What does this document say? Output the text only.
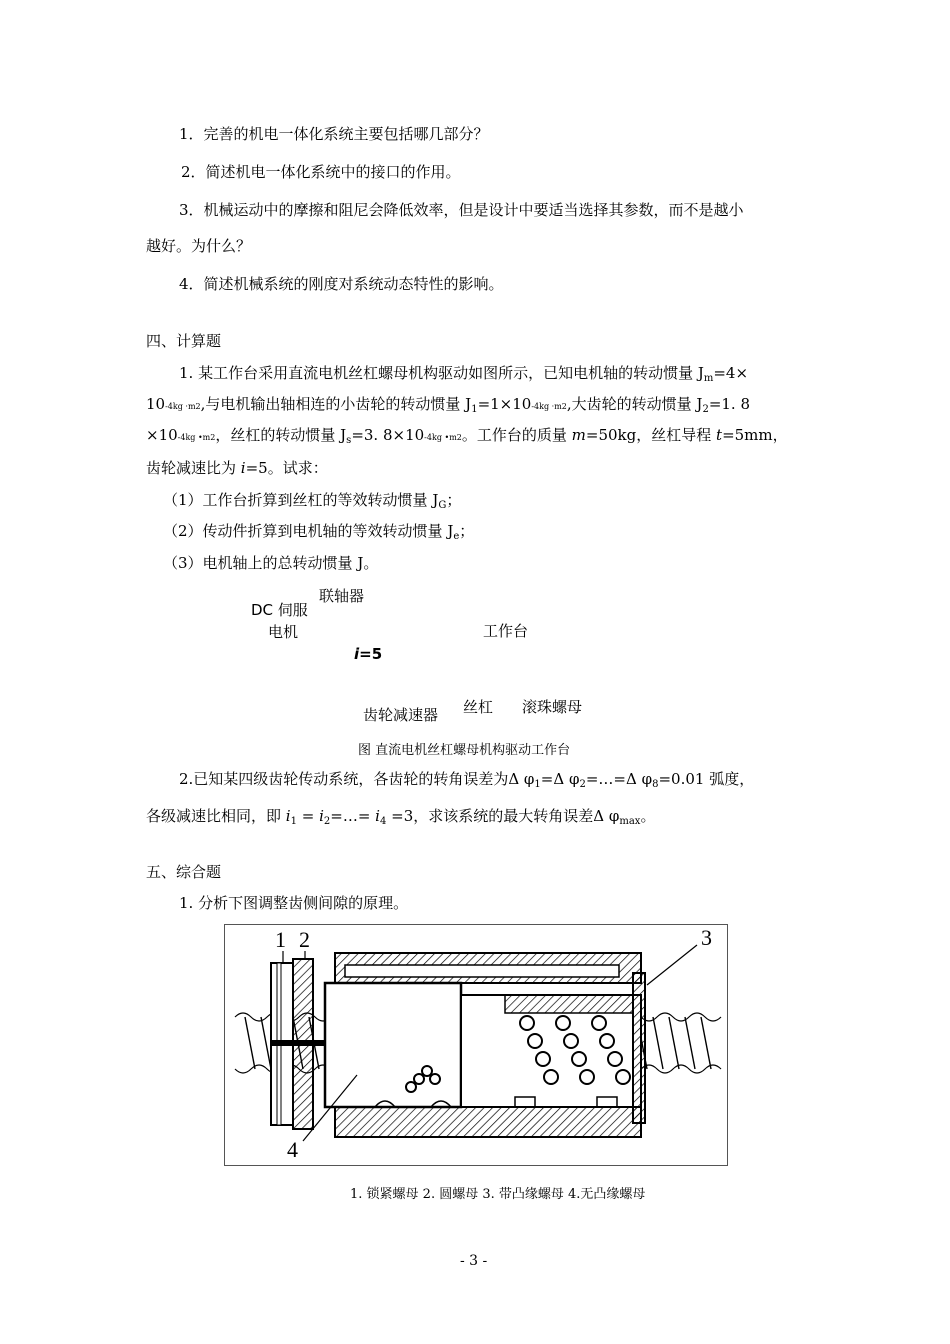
1．完善的机电一体化系统主要包括哪几部分？
2．简述机电一体化系统中的接口的作用。
3．机械运动中的摩擦和阻尼会降低效率，但是设计中要适当选择其参数，而不是越小
越好。为什么？
4．简述机械系统的刚度对系统动态特性的影响。
四、计算题
1. 某工作台采用直流电机丝杠螺母机构驱动如图所示，已知电机轴的转动惯量 $J_m=4\times$
10-4kg ·m2,与电机输出轴相连的小齿轮的转动惯量 $J_1=1\times 10-4kg \cdot m2$,大齿轮的转动惯量 $J_2=1$. 8
×10-4kg •m2，丝杠的转动惯量 $J_s=3$. 8×10-4kg •m2。工作台的质量 m=50kg，丝杠导程 t=5mm，
齿轮减速比为 i=5。试求：
（1）工作台折算到丝杠的等效转动惯量 $J_G$；
（2）传动件折算到电机轴的等效转动惯量 $J_e$；
（3）电机轴上的总转动惯量 J。
DC 伺服
电机
联轴器
工作台
i=5
齿轮减速器 丝杠 滚珠螺母
图 直流电机丝杠螺母机构驱动工作台
2.已知某四级齿轮传动系统，各齿轮的转角误差为Δ $\varphi_1=\Delta$ $\varphi_2=\dots=\Delta$ $\varphi_8=0.01$ 弧度，
各级减速比相同，即 $i_1$ = $i_2=\dots= i_4 =3$，求该系统的最大转角误差Δ $\varphi_{max}$。
五、综合题
1. 分析下图调整齿侧间隙的原理。
1 2	3
4
1. 锁紧螺母 2. 圆螺母 3. 带凸缘螺母 4.无凸缘螺母
- 3 -
